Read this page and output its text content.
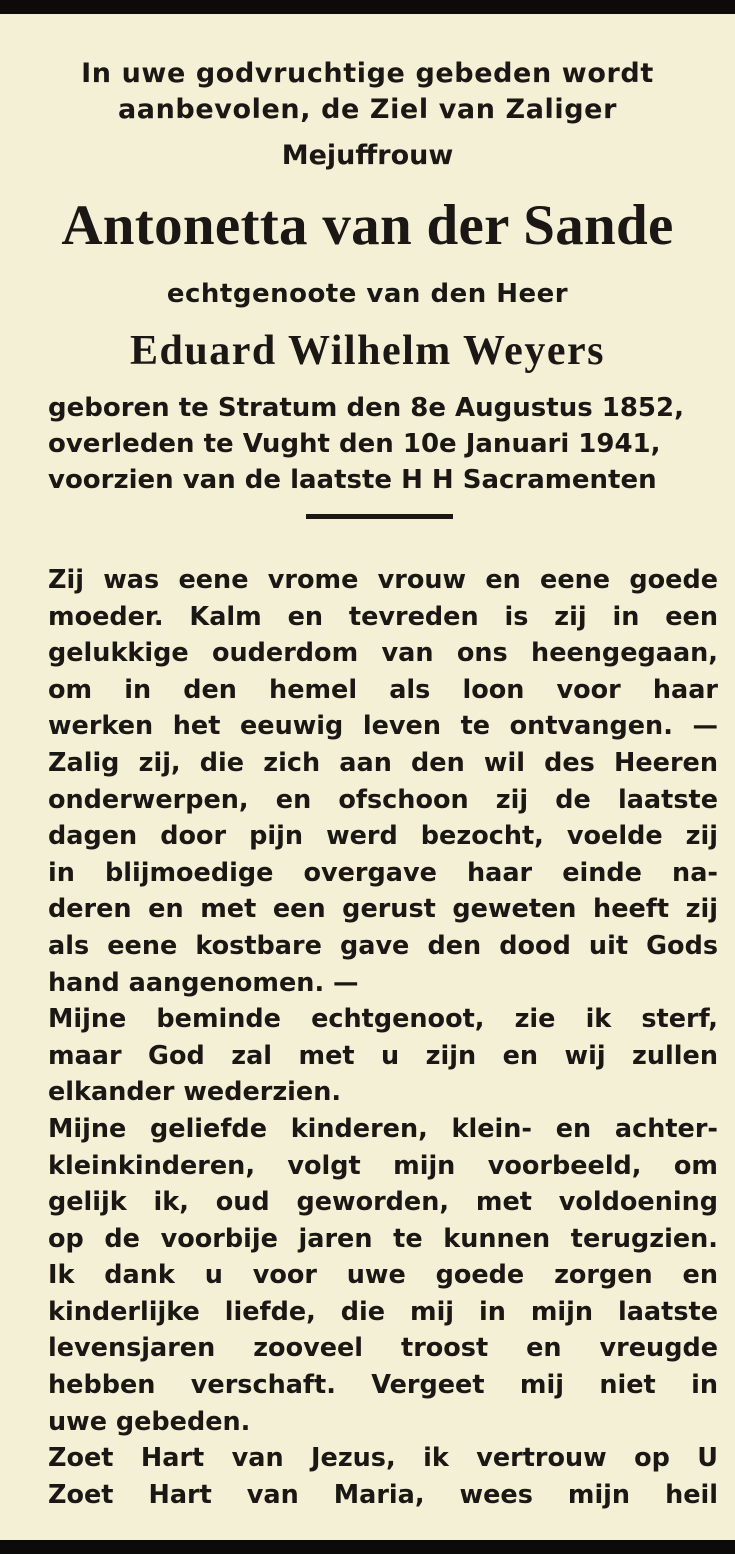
In uwe godvruchtige gebeden wordt
aanbevolen, de Ziel van Zaliger
Mejuffrouw
Antonetta van der Sande
echtgenoote van den Heer
Eduard Wilhelm Weyers
geboren te Stratum den 8e Augustus 1852,
overleden te Vught den 10e Januari 1941,
voorzien van de laatste H H Sacramenten
Zij was eene vrome vrouw en eene goede
moeder. Kalm en tevreden is zij in een
gelukkige ouderdom van ons heengegaan,
om in den hemel als loon voor haar
werken het eeuwig leven te ontvangen. —
Zalig zij, die zich aan den wil des Heeren
onderwerpen, en ofschoon zij de laatste
dagen door pijn werd bezocht, voelde zij
in blijmoedige overgave haar einde na-
deren en met een gerust geweten heeft zij
als eene kostbare gave den dood uit Gods
hand aangenomen. —
Mijne beminde echtgenoot, zie ik sterf,
maar God zal met u zijn en wij zullen
elkander wederzien.
Mijne geliefde kinderen, klein- en achter-
kleinkinderen, volgt mijn voorbeeld, om
gelijk ik, oud geworden, met voldoening
op de voorbije jaren te kunnen terugzien.
Ik dank u voor uwe goede zorgen en
kinderlijke liefde, die mij in mijn laatste
levensjaren zooveel troost en vreugde
hebben verschaft. Vergeet mij niet in
uwe gebeden.
Zoet Hart van Jezus, ik vertrouw op U
Zoet Hart van Maria, wees mijn heil
